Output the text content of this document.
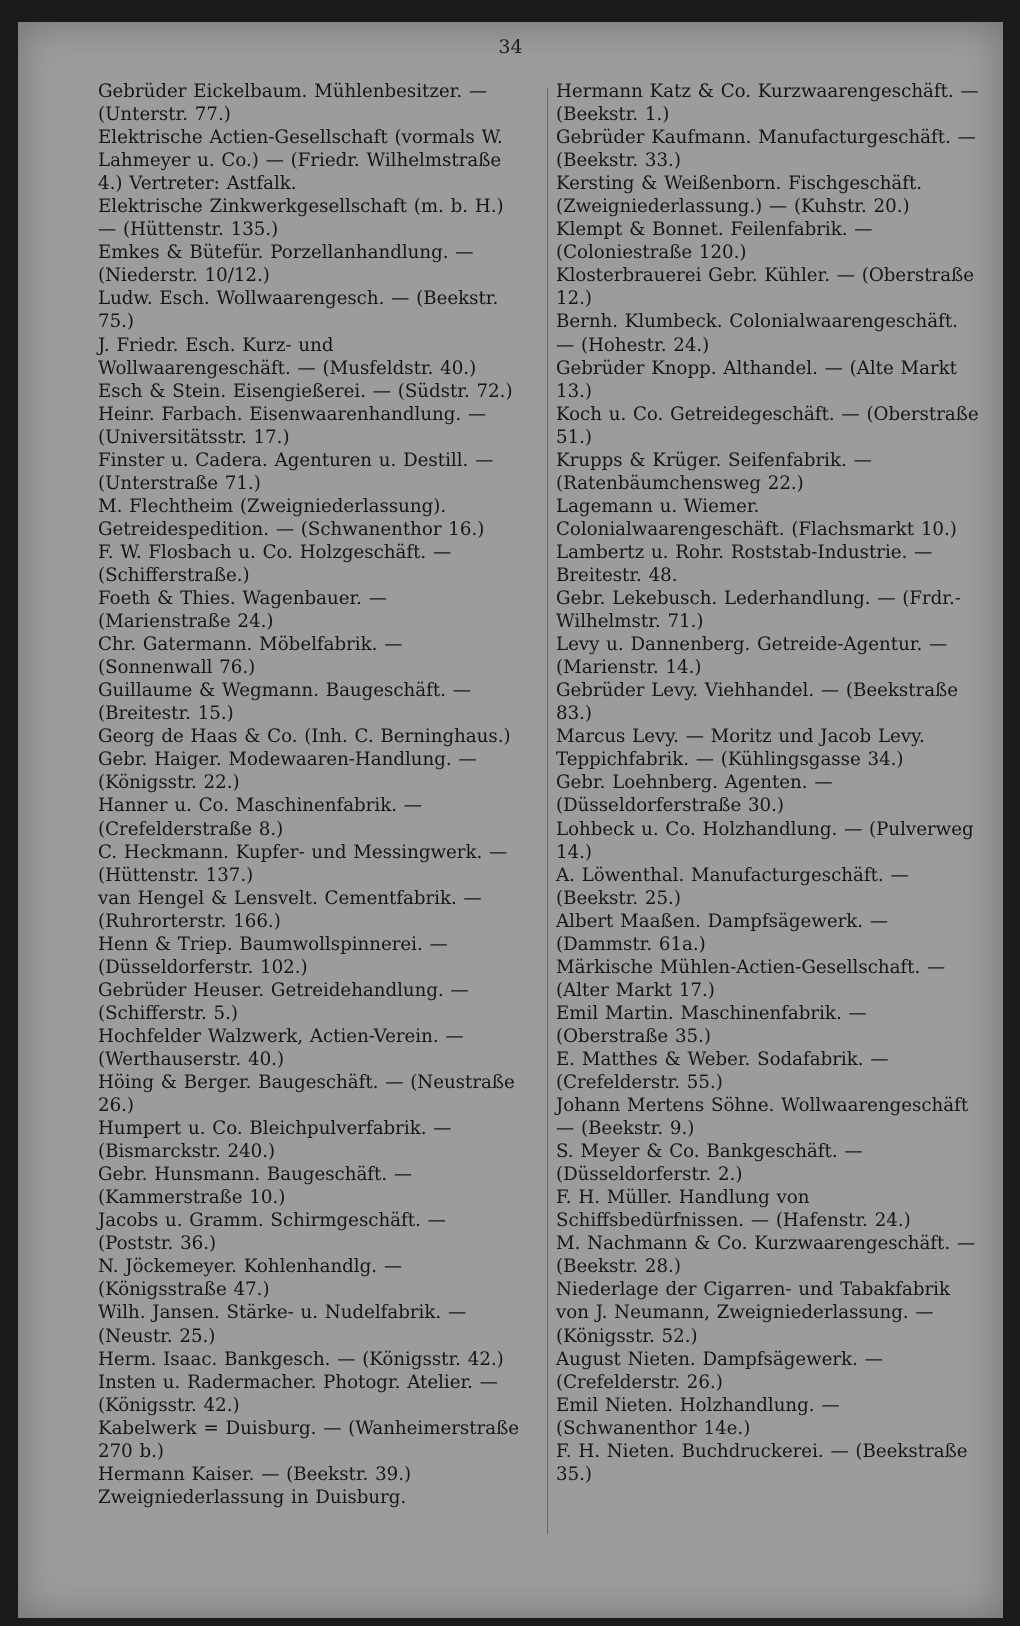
34

Gebrüder Eickelbaum. Mühlenbesitzer. — (Unterstr. 77.)

Elektrische Actien-Gesellschaft (vormals W. Lahmeyer u. Co.) — (Friedr. Wilhelmstraße 4.) Vertreter: Astfalk.

Elektrische Zinkwerkgesellschaft (m. b. H.) — (Hüttenstr. 135.)

Emkes & Bütefür. Porzellanhandlung. — (Niederstr. 10/12.)

Ludw. Esch. Wollwaarengesch. — (Beekstr. 75.)

J. Friedr. Esch. Kurz- und Wollwaarengeschäft. — (Musfeldstr. 40.)

Esch & Stein. Eisengießerei. — (Südstr. 72.)

Heinr. Farbach. Eisenwaarenhandlung. — (Universitätsstr. 17.)

Finster u. Cadera. Agenturen u. Destill. — (Unterstraße 71.)

M. Flechtheim (Zweigniederlassung). Getreidespedition. — (Schwanenthor 16.)

F. W. Flosbach u. Co. Holzgeschäft. — (Schifferstraße.)

Foeth & Thies. Wagenbauer. — (Marienstraße 24.)

Chr. Gatermann. Möbelfabrik. — (Sonnenwall 76.)

Guillaume & Wegmann. Baugeschäft. — (Breitestr. 15.)

Georg de Haas & Co. (Inh. C. Berninghaus.)

Gebr. Haiger. Modewaaren-Handlung. — (Königsstr. 22.)

Hanner u. Co. Maschinenfabrik. — (Crefelderstraße 8.)

C. Heckmann. Kupfer- und Messingwerk. — (Hüttenstr. 137.)

van Hengel & Lensvelt. Cementfabrik. — (Ruhrorterstr. 166.)

Henn & Triep. Baumwollspinnerei. — (Düsseldorferstr. 102.)

Gebrüder Heuser. Getreidehandlung. — (Schifferstr. 5.)

Hochfelder Walzwerk, Actien-Verein. — (Werthauserstr. 40.)

Höing & Berger. Baugeschäft. — (Neustraße 26.)

Humpert u. Co. Bleichpulverfabrik. — (Bismarckstr. 240.)

Gebr. Hunsmann. Baugeschäft. — (Kammerstraße 10.)

Jacobs u. Gramm. Schirmgeschäft. — (Poststr. 36.)

N. Jöckemeyer. Kohlenhandlg. — (Königsstraße 47.)

Wilh. Jansen. Stärke- u. Nudelfabrik. — (Neustr. 25.)

Herm. Isaac. Bankgesch. — (Königsstr. 42.)

Insten u. Radermacher. Photogr. Atelier. — (Königsstr. 42.)

Kabelwerk = Duisburg. — (Wanheimerstraße 270 b.)

Hermann Kaiser. — (Beekstr. 39.) Zweigniederlassung in Duisburg.

Hermann Katz & Co. Kurzwaarengeschäft. — (Beekstr. 1.)

Gebrüder Kaufmann. Manufacturgeschäft. — (Beekstr. 33.)

Kersting & Weißenborn. Fischgeschäft. (Zweigniederlassung.) — (Kuhstr. 20.)

Klempt & Bonnet. Feilenfabrik. — (Coloniestraße 120.)

Klosterbrauerei Gebr. Kühler. — (Oberstraße 12.)

Bernh. Klumbeck. Colonialwaarengeschäft. — (Hohestr. 24.)

Gebrüder Knopp. Althandel. — (Alte Markt 13.)

Koch u. Co. Getreidegeschäft. — (Oberstraße 51.)

Krupps & Krüger. Seifenfabrik. — (Ratenbäumchensweg 22.)

Lagemann u. Wiemer. Colonialwaarengeschäft. (Flachsmarkt 10.)

Lambertz u. Rohr. Roststab-Industrie. — Breitestr. 48.

Gebr. Lekebusch. Lederhandlung. — (Frdr.-Wilhelmstr. 71.)

Levy u. Dannenberg. Getreide-Agentur. — (Marienstr. 14.)

Gebrüder Levy. Viehhandel. — (Beekstraße 83.)

Marcus Levy. — Moritz und Jacob Levy. Teppichfabrik. — (Kühlingsgasse 34.)

Gebr. Loehnberg. Agenten. — (Düsseldorferstraße 30.)

Lohbeck u. Co. Holzhandlung. — (Pulverweg 14.)

A. Löwenthal. Manufacturgeschäft. — (Beekstr. 25.)

Albert Maaßen. Dampfsägewerk. — (Dammstr. 61a.)

Märkische Mühlen-Actien-Gesellschaft. — (Alter Markt 17.)

Emil Martin. Maschinenfabrik. — (Oberstraße 35.)

E. Matthes & Weber. Sodafabrik. — (Crefelderstr. 55.)

Johann Mertens Söhne. Wollwaarengeschäft — (Beekstr. 9.)

S. Meyer & Co. Bankgeschäft. — (Düsseldorferstr. 2.)

F. H. Müller. Handlung von Schiffsbedürfnissen. — (Hafenstr. 24.)

M. Nachmann & Co. Kurzwaarengeschäft. — (Beekstr. 28.)

Niederlage der Cigarren- und Tabakfabrik von J. Neumann, Zweigniederlassung. — (Königsstr. 52.)

August Nieten. Dampfsägewerk. — (Crefelderstr. 26.)

Emil Nieten. Holzhandlung. — (Schwanenthor 14e.)

F. H. Nieten. Buchdruckerei. — (Beekstraße 35.)
